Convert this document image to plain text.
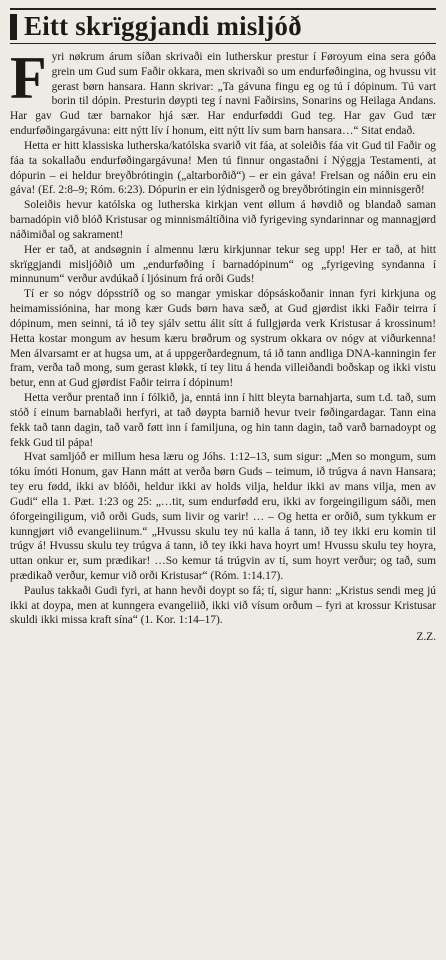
Eitt skrïggjandi misljóð

Fyri nøkrum árum síðan skrivaði ein lutherskur prestur í Føroyum eina sera góða grein um Gud sum Faðir okkara, men skrivaði so um endurføðingina, og hvussu vit gerast børn hansara. Hann skrivar: „Ta gávuna fingu eg og tú í dópinum. Tú vart borin til dópin. Presturin døypti teg í navni Faðirsins, Sonarins og Heilaga Andans. Har gav Gud tær barnakor hjá sær. Har endurføddi Gud teg. Har gav Gud tær endurføðingargávuna: eitt nýtt lív í honum, eitt nýtt lív sum barn hansara…“ Sitat endað.

Hetta er hitt klassiska lutherska/katólska svarið vit fáa, at soleiðis fáa vit Gud til Faðir og fáa ta sokallaðu endurføðingargávuna! Men tú finnur ongastaðni í Nýggja Testamenti, at dópurin – ei heldur breyðbrótingin („altarborðið“) – er ein gáva! Frelsan og náðin eru ein gáva! (Ef. 2:8–9; Róm. 6:23). Dópurin er ein lýdnisgerð og breyðbrótingin ein minnisgerð!

Soleiðis hevur katólska og lutherska kirkjan vent øllum á høvdið og blandað saman barnadópin við blóð Kristusar og minnismáltíðina við fyrigeving syndarinnar og mannagjørd náðimiðal og sakrament!

Her er tað, at andsøgnin í almennu læru kirkjunnar tekur seg upp! Her er tað, at hitt skrïggjandi misljóðið um „endurføðing í barnadópinum“ og „fyrigeving syndanna í minnunum“ verður avdúkað í ljósinum frá orði Guds!

Tí er so nógv dópsstríð og so mangar ymiskar dópsáskoðanir innan fyri kirkjuna og heimamissiónina, har mong kær Guds børn hava sæð, at Gud gjørdist ikki Faðir teirra í dópinum, men seinni, tá ið tey sjálv settu álit sítt á fullgjørda verk Kristusar á krossinum! Hetta kostar mongum av hesum kæru brøðrum og systrum okkara ov nógv at viðurkenna! Men álvarsamt er at hugsa um, at á uppgerðardegnum, tá ið tann andliga DNA-kanningin fer fram, verða tað mong, sum gerast kløkk, tí tey litu á henda villeiðandi boðskap og ikki vistu betur, enn at Gud gjørdist Faðir teirra í dópinum!

Hetta verður prentað inn í fólkið, ja, enntá inn í hitt bleyta barnahjarta, sum t.d. tað, sum stóð í einum barnablaði herfyri, at tað døypta barnið hevur tveir føðingardagar. Tann eina fekk tað tann dagin, tað varð føtt inn í familjuna, og hin tann dagin, tað varð barnadoypt og fekk Gud til pápa!

Hvat samljóð er millum hesa læru og Jóhs. 1:12–13, sum sigur: „Men so mongum, sum tóku ímóti Honum, gav Hann mátt at verða børn Guds – teimum, ið trúgva á navn Hansara; tey eru fødd, ikki av blóði, heldur ikki av holds vilja, heldur ikki av mans vilja, men av Gudi“ ella 1. Pæt. 1:23 og 25: „…tit, sum endurfødd eru, ikki av forgeingiligum sáði, men óforgeingiligum, við orði Guds, sum livir og varir! … – Og hetta er orðið, sum tykkum er kunngjørt við evangeliinum.“ „Hvussu skulu tey nú kalla á tann, ið tey ikki eru komin til trúgv á! Hvussu skulu tey trúgva á tann, ið tey ikki hava hoyrt um! Hvussu skulu tey hoyra, uttan onkur er, sum prædikar! …So kemur tá trúgvin av tí, sum hoyrt verður; og tað, sum prædikað verður, kemur við orði Kristusar“ (Róm. 1:14.17).

Paulus takkaði Gudi fyri, at hann hevði doypt so fá; tí, sigur hann: „Kristus sendi meg jú ikki at doypa, men at kunngera evangeliið, ikki við vísum orðum – fyri at krossur Kristusar skuldi ikki missa kraft sína“ (1. Kor. 1:14–17).

Z.Z.
